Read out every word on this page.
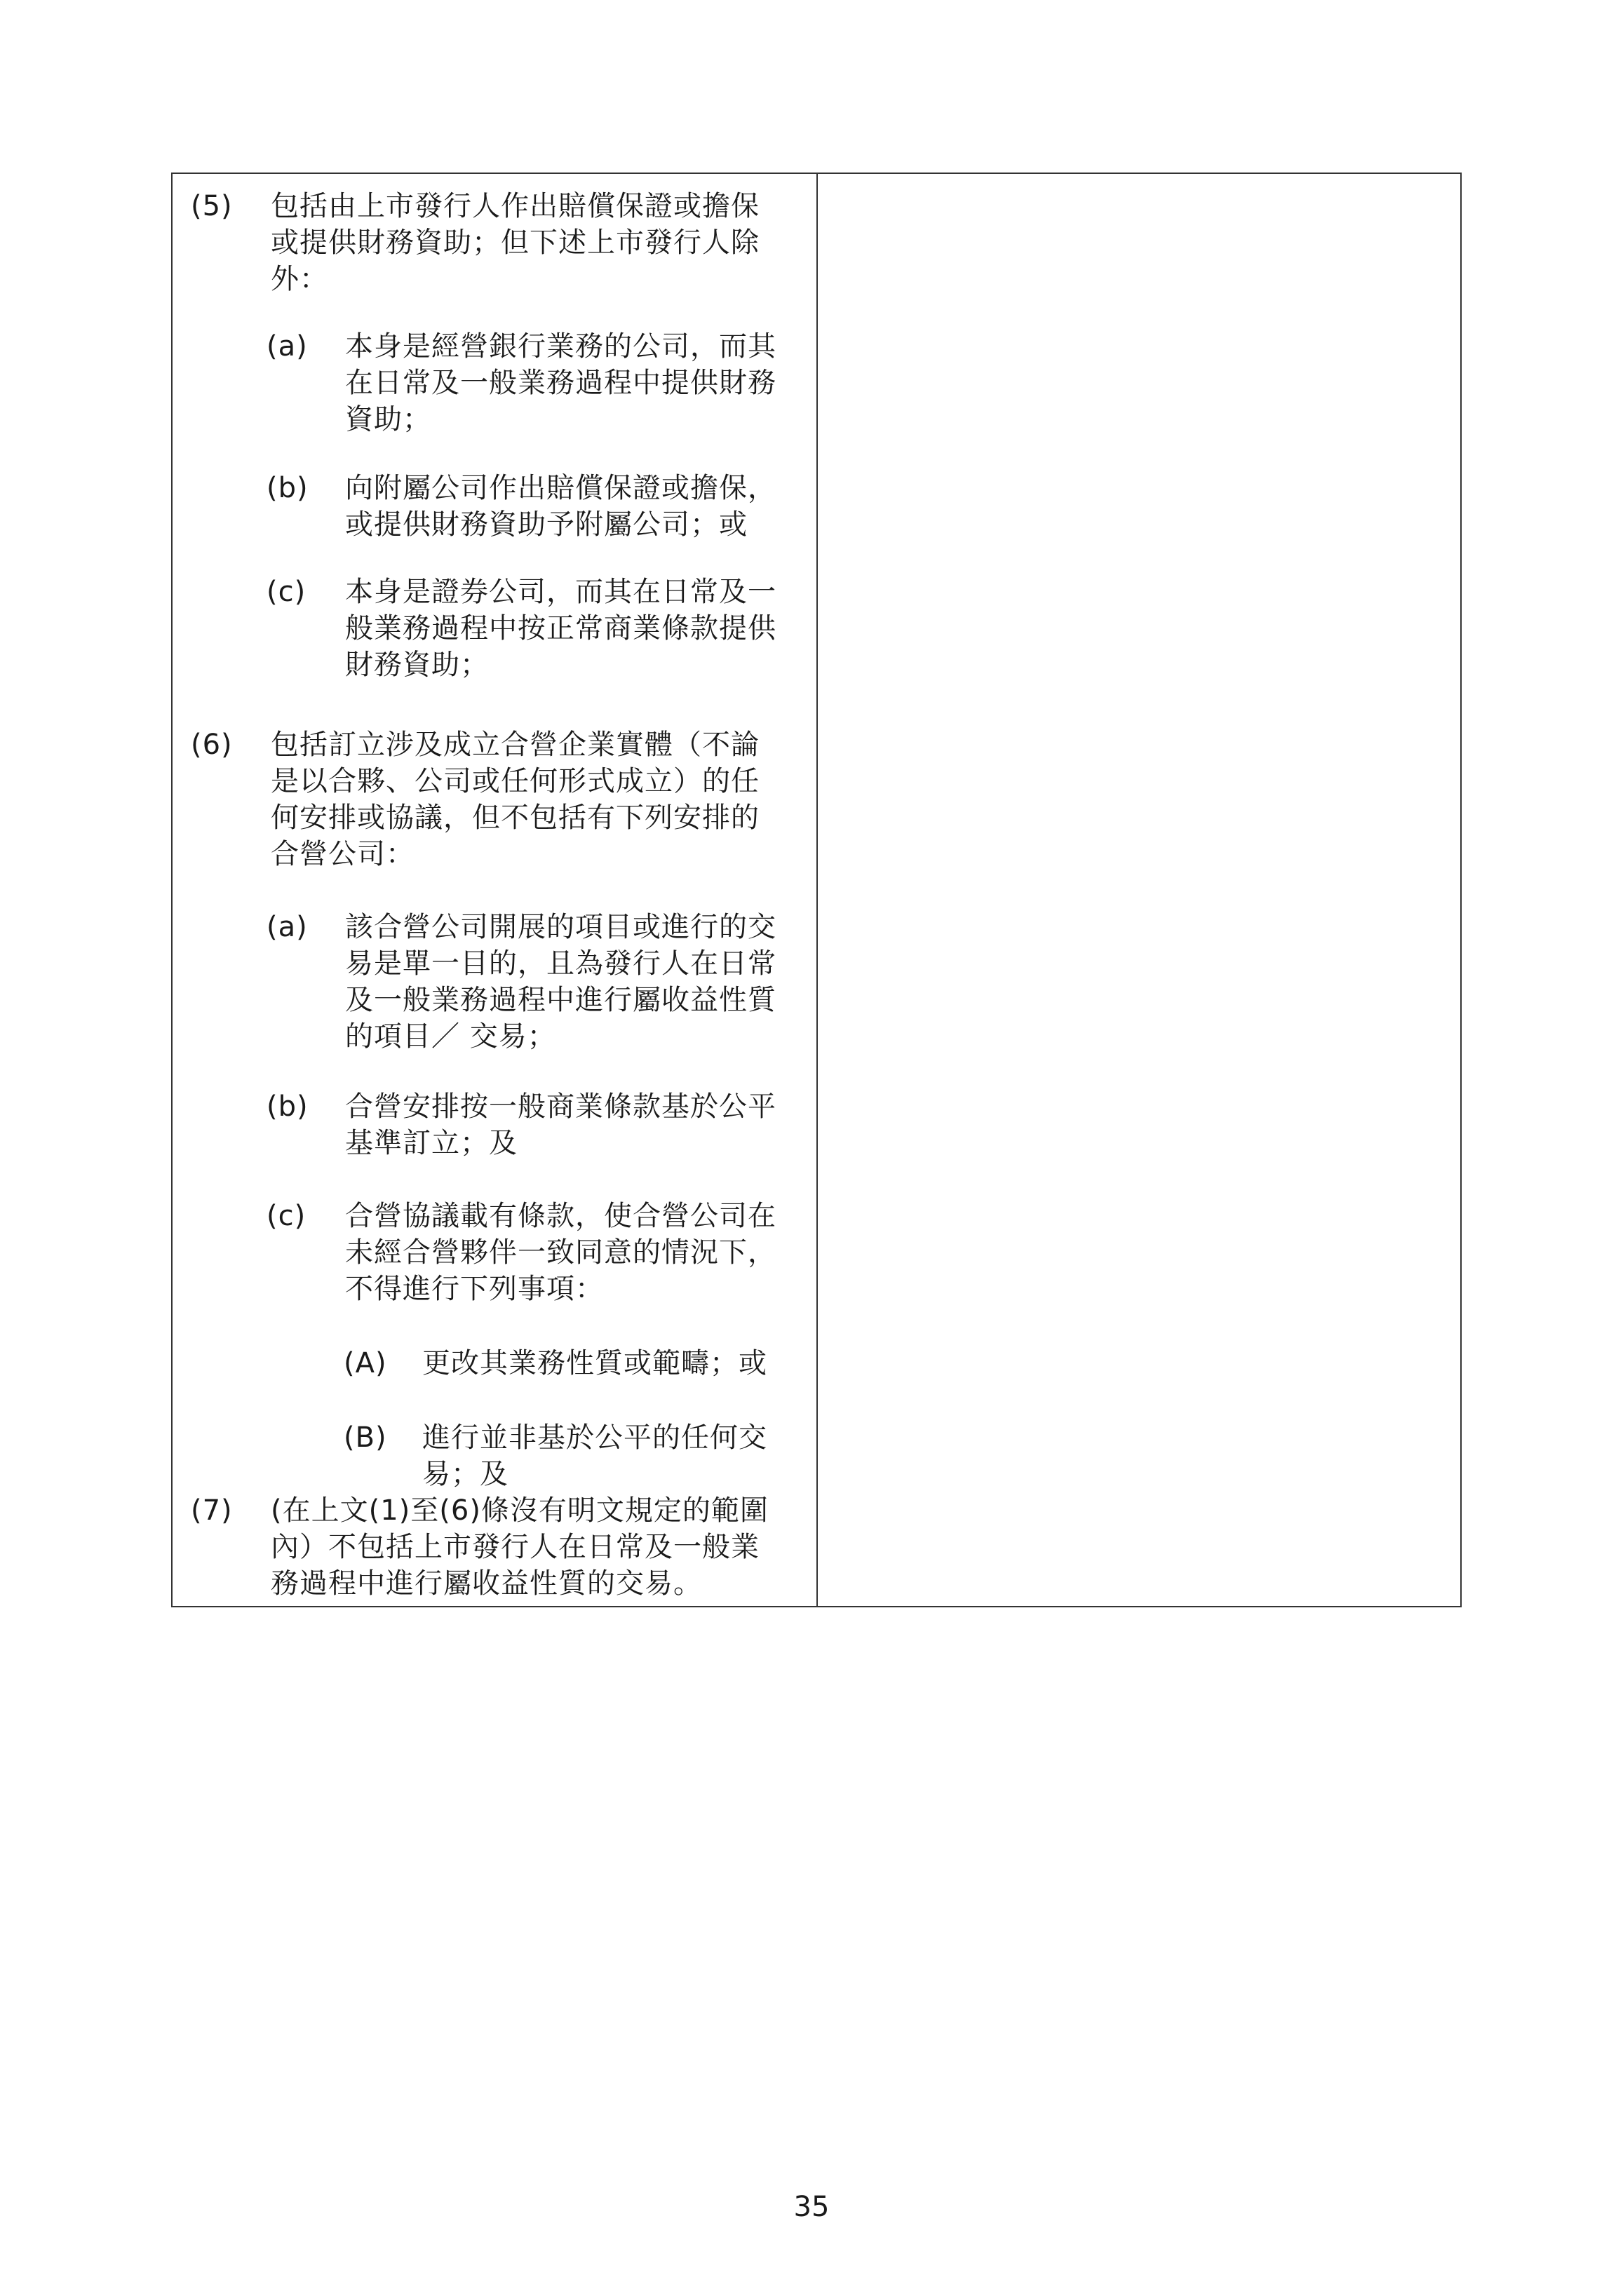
(5) 包括由上市發行人作出賠償保證或擔保
或提供財務資助；但下述上市發行人除
外：
(a) 本身是經營銀行業務的公司，而其
在日常及一般業務過程中提供財務
資助；
(b) 向附屬公司作出賠償保證或擔保，
或提供財務資助予附屬公司；或
(c) 本身是證券公司，而其在日常及一
般業務過程中按正常商業條款提供
財務資助；
(6) 包括訂立涉及成立合營企業實體（不論
是以合夥、公司或任何形式成立）的任
何安排或協議，但不包括有下列安排的
合營公司：
(a) 該合營公司開展的項目或進行的交
易是單一目的，且為發行人在日常
及一般業務過程中進行屬收益性質
的項目／ 交易；
(b) 合營安排按一般商業條款基於公平
基準訂立；及
(c) 合營協議載有條款，使合營公司在
未經合營夥伴一致同意的情況下，
不得進行下列事項：
(A) 更改其業務性質或範疇；或
(B) 進行並非基於公平的任何交
易；及
(7) (在上文(1)至(6)條沒有明文規定的範圍
內）不包括上市發行人在日常及一般業
務過程中進行屬收益性質的交易。
35
